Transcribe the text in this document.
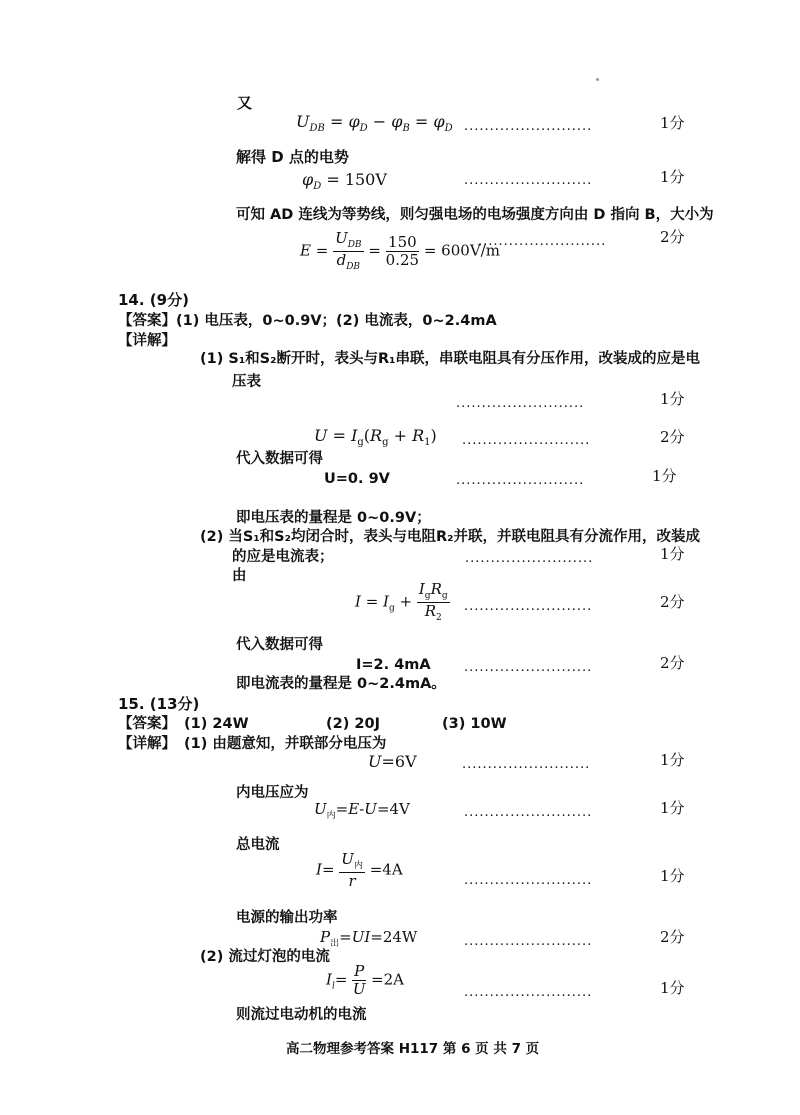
又
$U_{DB} = \varphi_D - \varphi_B = \varphi_D$ .........................	1分
解得 D 点的电势
$\varphi_D = 150V$	.........................	1分
可知 AD 连线为等势线，则匀强电场的电场强度方向由 D 指向 B，大小为
$E = \frac{U_{DB}}{d_{DB}} = \frac{150}{0.25} = 600V/m$
.........................	2分
14. (9分)
【答案】(1) 电压表，0~0.9V；(2) 电流表，0~2.4mA
【详解】
(1) S₁和S₂断开时，表头与R₁串联，串联电阻具有分压作用，改装成的应是电
压表
.........................	1分
$U = I_g(R_g + R_1)$ .........................	2分
代入数据可得
U=0. 9V	.........................	1分
即电压表的量程是 0~0.9V；
(2) 当S₁和S₂均闭合时，表头与电阻R₂并联，并联电阻具有分流作用，改装成
的应是电流表；	.........................	1分
由
$I = I_g + \frac{I_gR_g}{R_2}$ .........................	2分
代入数据可得
I=2. 4mA	.........................	2分
即电流表的量程是 0~2.4mA。
15. (13分)
【答案】 (1) 24W	(2) 20J	(3) 10W
【详解】 (1) 由题意知，并联部分电压为
U=6V	.........................	1分
内电压应为
$U_内=E-U=4V$	.........................	1分
总电流
$I= \frac{U_内}{r} =4A$
.........................	1分
电源的输出功率
$P_出=UI=24W$	.........................	2分
(2) 流过灯泡的电流
$I_l= \frac{P}{U} =2A$
.........................	1分
则流过电动机的电流
高二物理参考答案 H117 第 6 页 共 7 页
